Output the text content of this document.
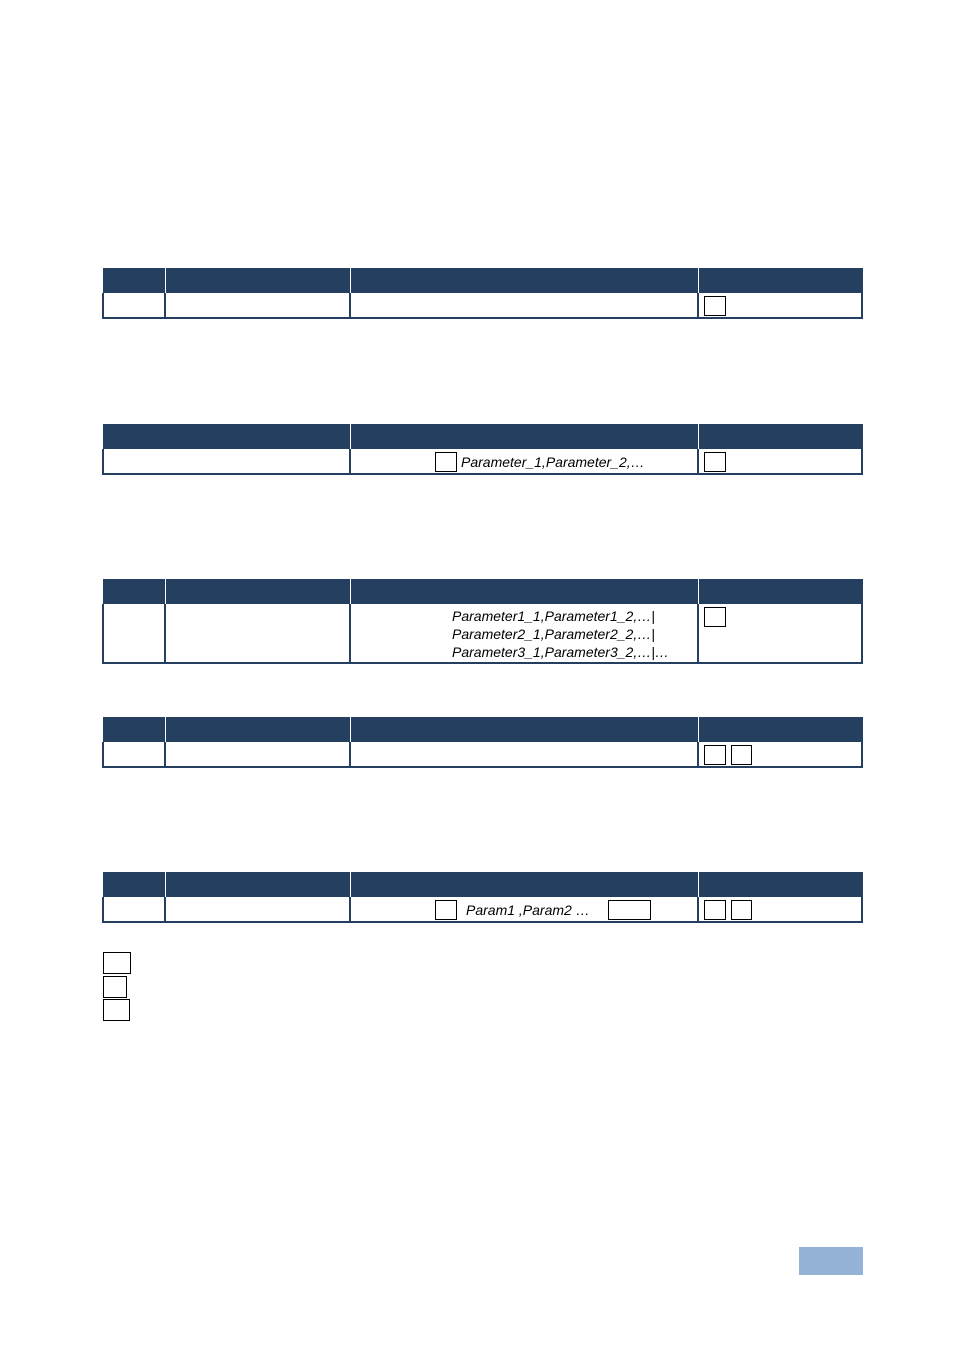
	Parameter_1,Parameter_2,…	

		Parameter1_1,Parameter1_2,…|
Parameter2_1,Parameter2_2,…|
Parameter3_1,Parameter3_2,…|…	

		Param1 ,Param2 …	
